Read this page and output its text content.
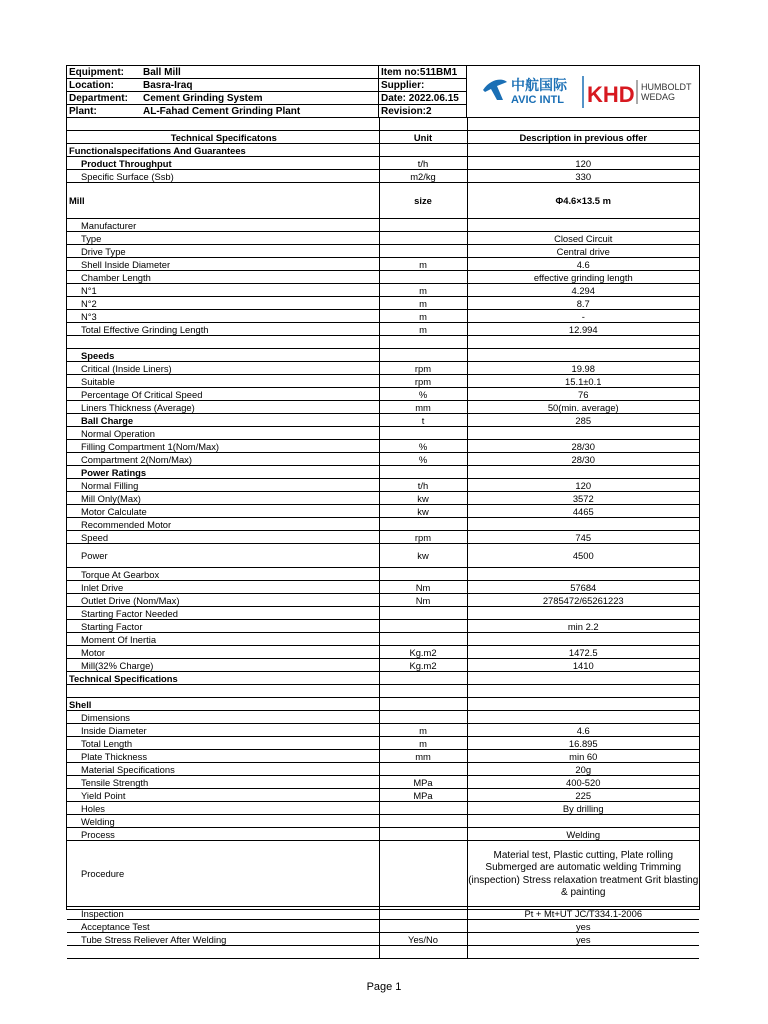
Equipment: Ball Mill	Item no:511BM1
Location:	Basra-Iraq	Supplier:
Department: Cement Grinding System	Date: 2022.06.15
Plant:	AL-Fahad Cement Grinding Plant	Revision:2
中航国际
AVIC INTL KHD HUMBOLDT
WEDAG

Technical Specificatons	Unit	Description in previous offer
Functionalspecifations And Guarantees		
Product Throughput	t/h	120
Specific Surface (Ssb)	m2/kg	330
Mill	size	Φ4.6×13.5 m
Manufacturer		
Type		Closed Circuit
Drive Type		Central drive
Shell Inside Diameter	m	4.6
Chamber Length		effective grinding length
N°1	m	4.294
N°2	m	8.7
N°3	m	-
Total Effective Grinding Length	m	12.994

Speeds		
Critical (Inside Liners)	rpm	19.98
Suitable	rpm	15.1±0.1
Percentage Of Critical Speed	%	76
Liners Thickness (Average)	mm	50(min. average)
Ball Charge	t	285
Normal Operation		
Filling Compartment 1(Nom/Max)	%	28/30
Compartment 2(Nom/Max)	%	28/30
Power Ratings		
Normal Filling	t/h	120
Mill Only(Max)	kw	3572
Motor Calculate	kw	4465
Recommended Motor		
Speed	rpm	745
Power	kw	4500
Torque At Gearbox		
Inlet Drive	Nm	57684
Outlet Drive (Nom/Max)	Nm	2785472/65261223
Starting Factor Needed		
Starting Factor		min 2.2
Moment Of Inertia		
Motor	Kg.m2	1472.5
Mill(32% Charge)	Kg.m2	1410
Technical Specifications		

Shell		
Dimensions		
Inside Diameter	m	4.6
Total Length	m	16.895
Plate Thickness	mm	min 60
Material Specifications		20g
Tensile Strength	MPa	400-520
Yield Point	MPa	225
Holes		By drilling
Welding		
Process		Welding
Procedure		Material test, Plastic cutting, Plate rolling Submerged are automatic welding Trimming (inspection) Stress relaxation treatment Grit blasting & painting
Inspection		Pt + Mt+UT JC/T334.1-2006
Acceptance Test		yes
Tube Stress Reliever After Welding	Yes/No	yes

Page 1
